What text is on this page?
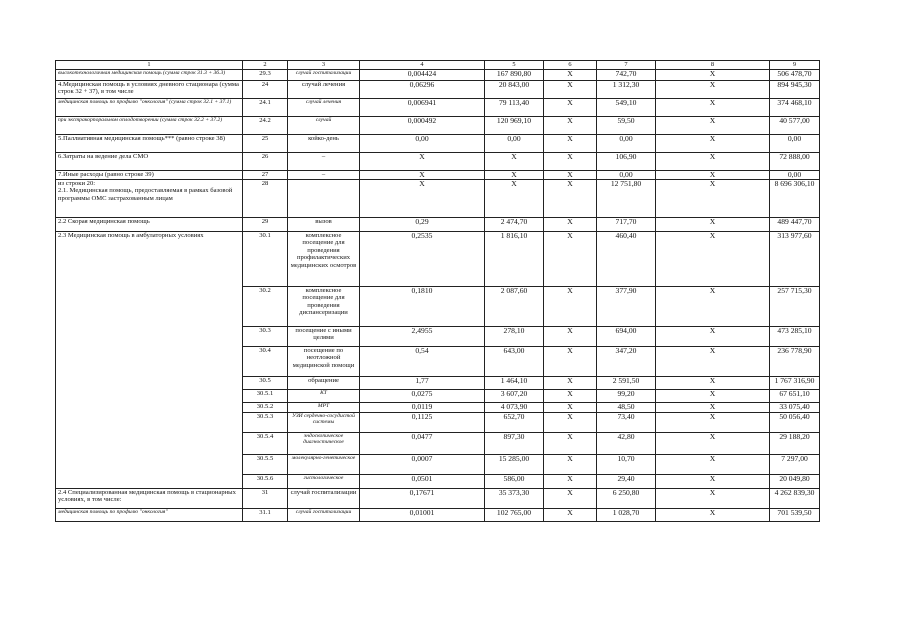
1	2	3	4	5	6	7	8	9	
высокотехнологичная медицинская помощь (сумма строк 31.3 + 36.3)	29.3	случай госпитализации	0,004424	167 890,80	X	742,70	X	506 478,70	
4.Медицинская помощь в условиях дневного стационара (сумма строк 32 + 37), в том числе	24	случай лечения	0,06296	20 843,00	X	1 312,30	X	894 945,30	
медицинская помощь по профилю "онкология" (сумма строк 32.1 + 37.1)	24.1	случай лечения	0,006941	79 113,40	X	549,10	X	374 468,10	
при экстракорпоральном оплодотворении (сумма строк 32.2 + 37.2)	24.2	случай	0,000492	120 969,10	X	59,50	X	40 577,00	
5.Паллиативная медицинская помощь*** (равно строке 38)	25	койко-день	0,00	0,00	X	0,00	X	0,00	
6.Затраты на ведение дела СМО	26	–	X	X	X	106,90	X	72 888,00	
7.Иные расходы (равно строке 39)	27	–	X	X	X	0,00	X	0,00	
из строки 20:
2.1. Медицинская помощь, предоставляемая в рамках базовой программы ОМС застрахованным лицам	28		X	X	X	12 751,80	X	8 696 306,10	
2.2 Скорая медицинская помощь	29	вызов	0,29	2 474,70	X	717,70	X	489 447,70	
2.3 Медицинская помощь в амбулаторных условиях	30.1	комплексное посещение для проведения профилактических медицинских осмотров	0,2535	1 816,10	X	460,40	X	313 977,60	
	30.2	комплексное посещение для проведения диспансеризации	0,1810	2 087,60	X	377,90	X	257 715,30	
	30.3	посещение с иными целями	2,4955	278,10	X	694,00	X	473 285,10	
	30.4	посещение по неотложной медицинской помощи	0,54	643,00	X	347,20	X	236 778,90	
	30.5	обращение	1,77	1 464,10	X	2 591,50	X	1 767 316,90	
	30.5.1	КТ	0,0275	3 607,20	X	99,20	X	67 651,10	
	30.5.2	МРТ	0,0119	4 073,90	X	48,50	X	33 075,40	
	30.5.3	УЗИ сердечно-сосудистой системы	0,1125	652,70	X	73,40	X	50 056,40	
	30.5.4	эндоскопическое диагностическое	0,0477	897,30	X	42,80	X	29 188,20	
	30.5.5	молекулярно-генетическое	0,0007	15 285,00	X	10,70	X	7 297,00	
	30.5.6	гистологическое	0,0501	586,00	X	29,40	X	20 049,80	
2.4 Специализированная медицинская помощь в стационарных условиях, в том числе:	31	случай госпитализации	0,17671	35 373,30	X	6 250,80	X	4 262 839,30	
медицинская помощь по профилю "онкология"	31.1	случай госпитализации	0,01001	102 765,00	X	1 028,70	X	701 539,50	
